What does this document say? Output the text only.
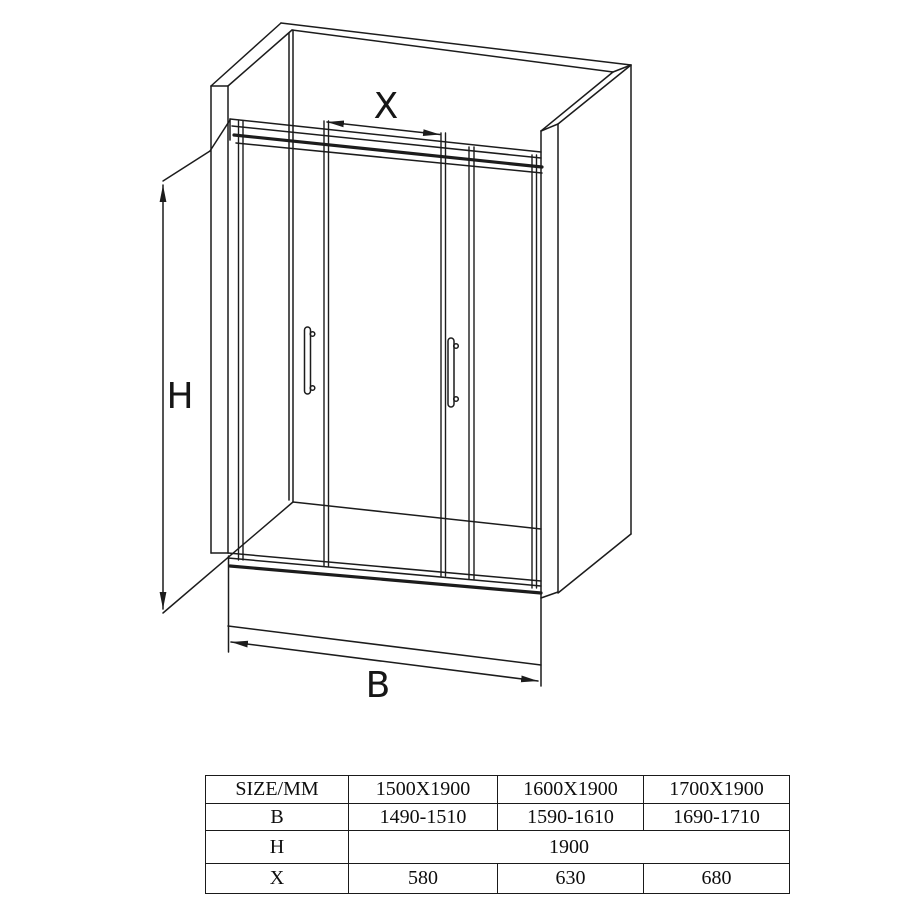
X
H
B
SIZE/MM	1500X1900	1600X1900	1700X1900
B	1490-1510	1590-1610	1690-1710
H	1900		
X	580	630	680
